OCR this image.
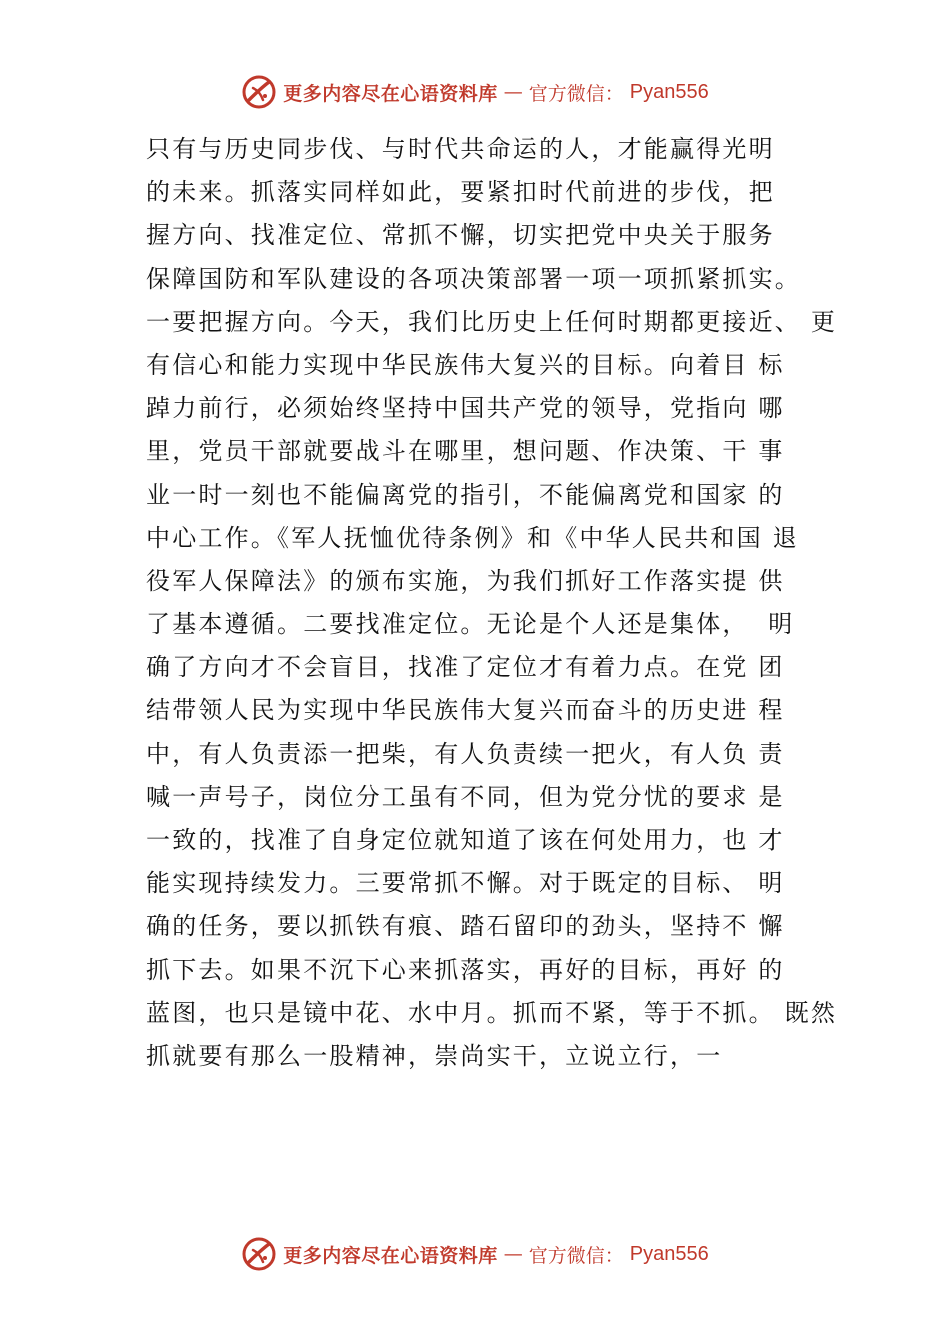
更多内容尽在心语资料库 — 官方微信： Pyan556
只有与历史同步伐、与时代共命运的人，才能赢得光明
的未来。抓落实同样如此，要紧扣时代前进的步伐，把
握方向、找准定位、常抓不懈，切实把党中央关于服务
保障国防和军队建设的各项决策部署一项一项抓紧抓实。
一要把握方向。今天，我们比历史上任何时期都更接近、 更
有信心和能力实现中华民族伟大复兴的目标。向着目 标
踔力前行，必须始终坚持中国共产党的领导，党指向 哪
里，党员干部就要战斗在哪里，想问题、作决策、干 事
业一时一刻也不能偏离党的指引，不能偏离党和国家 的
中心工作。《军人抚恤优待条例》和《中华人民共和国 退
役军人保障法》的颁布实施，为我们抓好工作落实提 供
了基本遵循。二要找准定位。无论是个人还是集体，  明
确了方向才不会盲目，找准了定位才有着力点。在党 团
结带领人民为实现中华民族伟大复兴而奋斗的历史进 程
中，有人负责添一把柴，有人负责续一把火，有人负 责
喊一声号子，岗位分工虽有不同，但为党分忧的要求 是
一致的，找准了自身定位就知道了该在何处用力，也 才
能实现持续发力。三要常抓不懈。对于既定的目标、 明
确的任务，要以抓铁有痕、踏石留印的劲头，坚持不 懈
抓下去。如果不沉下心来抓落实，再好的目标，再好 的
蓝图，也只是镜中花、水中月。抓而不紧，等于不抓。 既然
抓就要有那么一股精神，崇尚实干，立说立行，一
更多内容尽在心语资料库 — 官方微信： Pyan556
